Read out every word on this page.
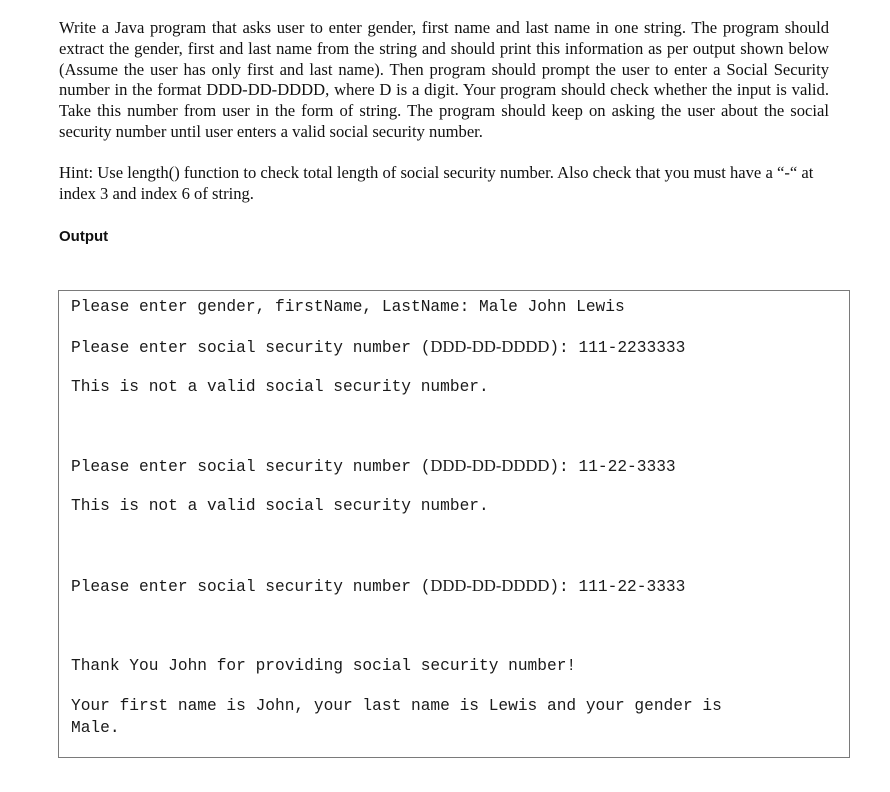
Write a Java program that asks user to enter gender, first name and last name in one string. The program should extract the gender, first and last name from the string and should print this information as per output shown below (Assume the user has only first and last name). Then program should prompt the user to enter a Social Security number in the format DDD-DD-DDDD, where D is a digit. Your program should check whether the input is valid. Take this number from user in the form of string. The program should keep on asking the user about the social security number until user enters a valid social security number.

Hint: Use length() function to check total length of social security number. Also check that you must have a “-“ at index 3 and index 6 of string.

Output
Please enter gender, firstName, LastName: Male John Lewis
Please enter social security number (DDD-DD-DDDD): 111-2233333
This is not a valid social security number.
Please enter social security number (DDD-DD-DDDD): 11-22-3333
This is not a valid social security number.
Please enter social security number (DDD-DD-DDDD): 111-22-3333
Thank You John for providing social security number!
Your first name is John, your last name is Lewis and your gender is
Male.
